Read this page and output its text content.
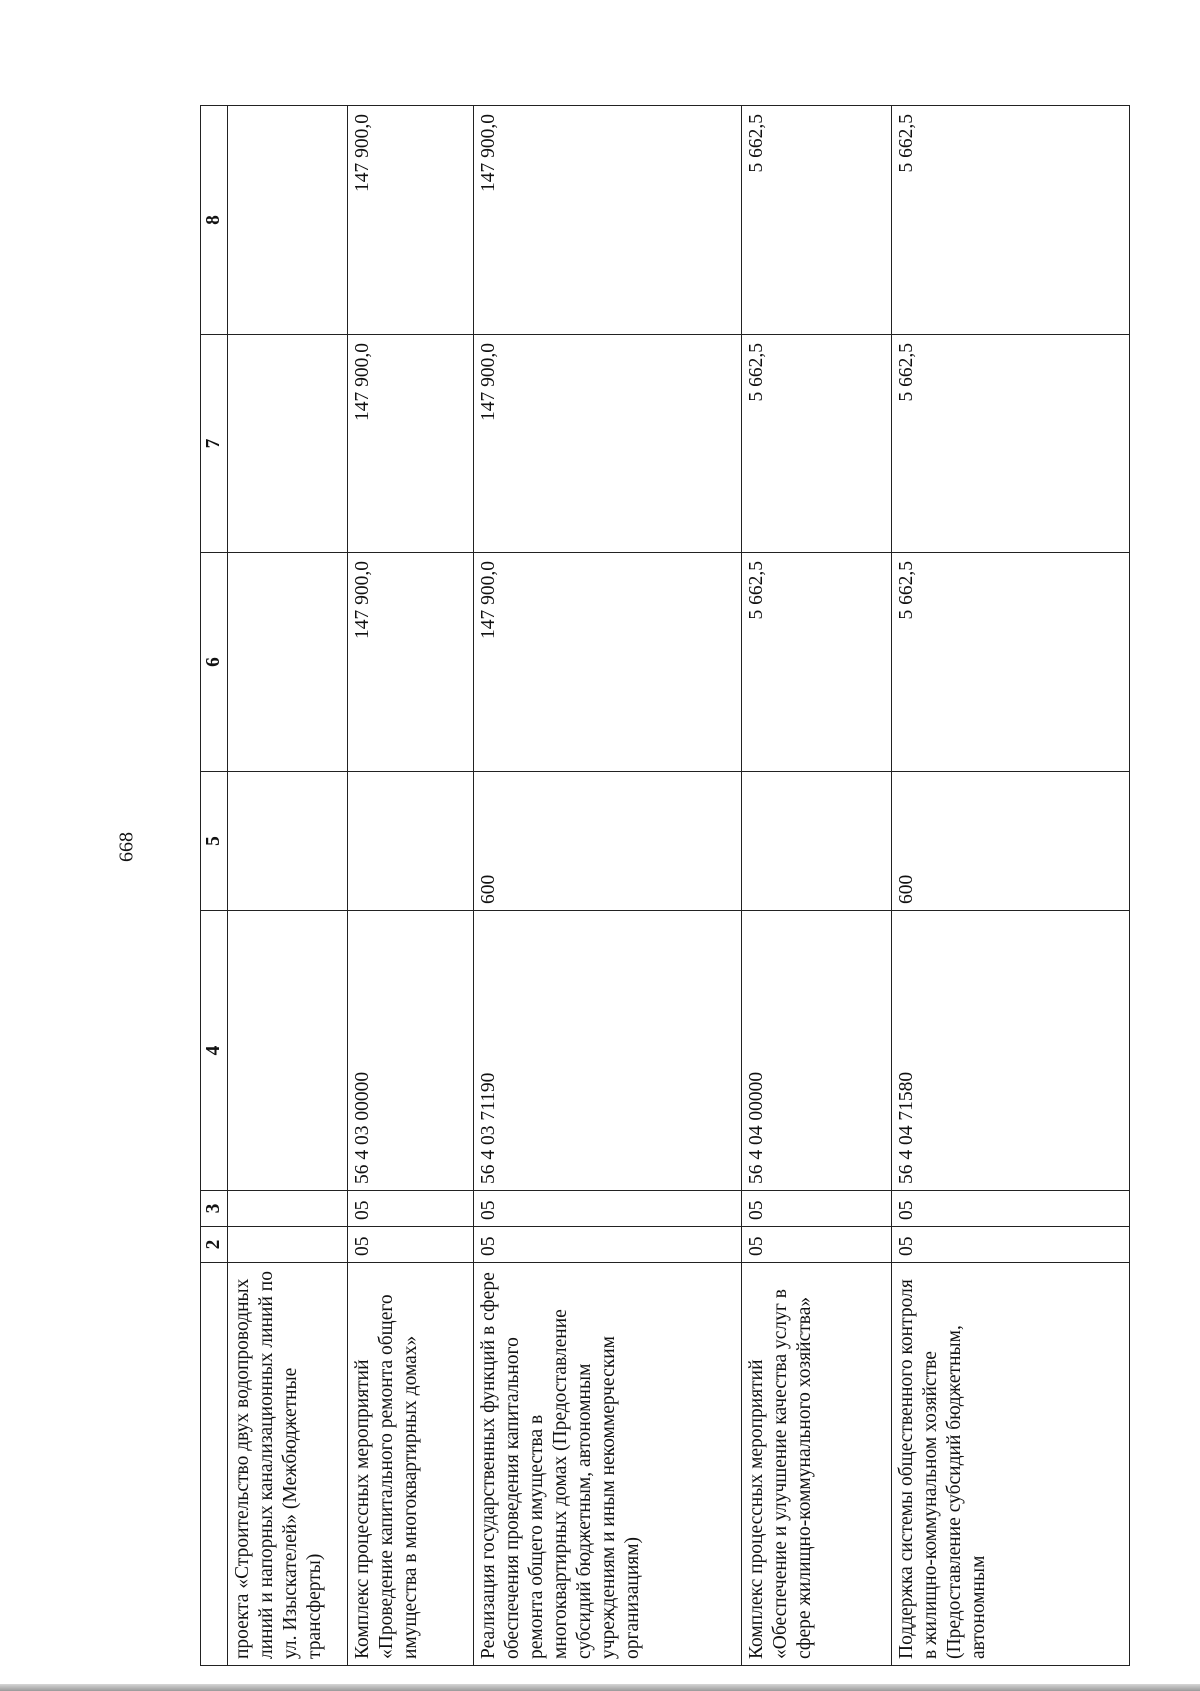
668
	2	3	4	5	6	7	8
проекта «Строительство двух водопроводных линий и напорных канализационных линий по ул. Изыскателей» (Межбюджетные трансферты)							
Комплекс процессных мероприятий «Проведение капитального ремонта общего имущества в многоквартирных домах»	05	05	56 4 03 00000		147 900,0	147 900,0	147 900,0
Реализация государственных функций в сфере обеспечения проведения капитального ремонта общего имущества в многоквартирных домах (Предоставление субсидий бюджетным, автономным учреждениям и иным некоммерческим организациям)	05	05	56 4 03 71190	600	147 900,0	147 900,0	147 900,0
Комплекс процессных мероприятий «Обеспечение и улучшение качества услуг в сфере жилищно-коммунального хозяйства»	05	05	56 4 04 00000		5 662,5	5 662,5	5 662,5
Поддержка системы общественного контроля в жилищно-коммунальном хозяйстве (Предоставление субсидий бюджетным, автономным	05	05	56 4 04 71580	600	5 662,5	5 662,5	5 662,5
